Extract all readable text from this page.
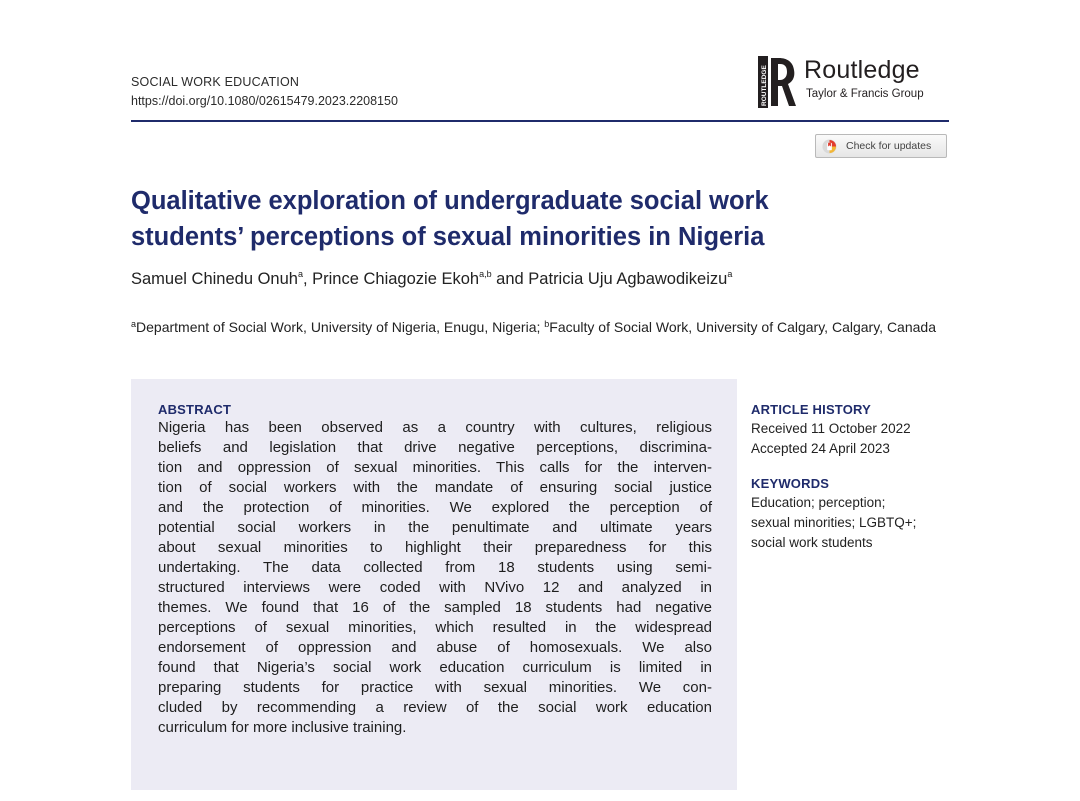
SOCIAL WORK EDUCATION
https://doi.org/10.1080/02615479.2023.2208150	ROUTLEDGE Routledge
Taylor & Francis Group
Check for updates
Qualitative exploration of undergraduate social work
students’ perceptions of sexual minorities in Nigeria
Samuel Chinedu Onuh$^a$, Prince Chiagozie Ekoh$^{a,b}$ and Patricia Uju Agbawodikeizu$^a$
$^a$Department of Social Work, University of Nigeria, Enugu, Nigeria; $^b$Faculty of Social Work, University of Calgary, Calgary, Canada
ABSTRACT
Nigeria has been observed as a country with cultures, religious
beliefs and legislation that drive negative perceptions, discrimina-
tion and oppression of sexual minorities. This calls for the interven-
tion of social workers with the mandate of ensuring social justice
and the protection of minorities. We explored the perception of
potential social workers in the penultimate and ultimate years
about sexual minorities to highlight their preparedness for this
undertaking. The data collected from 18 students using semi-
structured interviews were coded with NVivo 12 and analyzed in
themes. We found that 16 of the sampled 18 students had negative
perceptions of sexual minorities, which resulted in the widespread
endorsement of oppression and abuse of homosexuals. We also
found that Nigeria’s social work education curriculum is limited in
preparing students for practice with sexual minorities. We con-
cluded by recommending a review of the social work education
curriculum for more inclusive training.
ARTICLE HISTORY
Received 11 October 2022
Accepted 24 April 2023
KEYWORDS
Education; perception;
sexual minorities; LGBTQ+;
social work students
